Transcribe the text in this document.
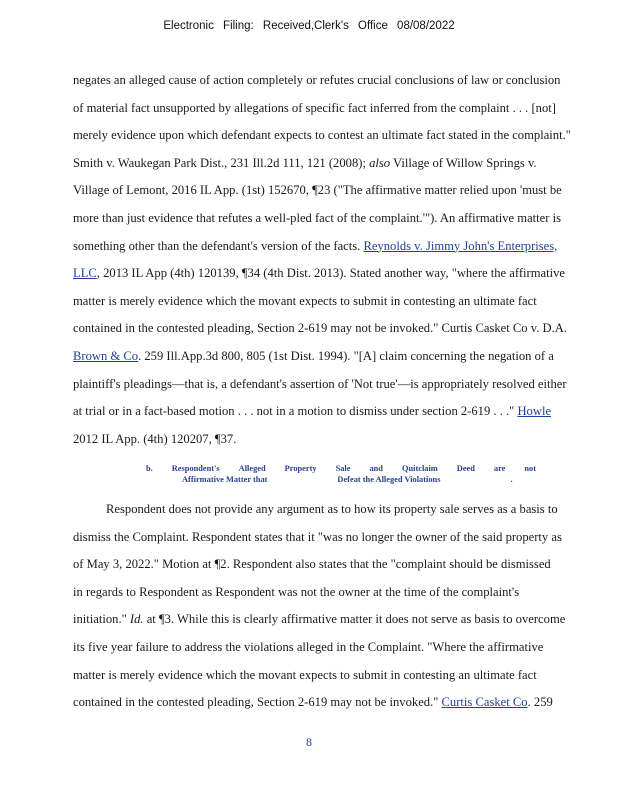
Electronic Filing: Received,Clerk's Office 08/08/2022
negates an alleged cause of action completely or refutes crucial conclusions of law or conclusion
of material fact unsupported by allegations of specific fact inferred from the complaint . . . [not]
merely evidence upon which defendant expects to contest an ultimate fact stated in the complaint."
Smith v. Waukegan Park Dist., 231 Ill.2d 111, 121 (2008); also Village of Willow Springs v.
Village of Lemont, 2016 IL App. (1st) 152670, ¶23 ("The affirmative matter relied upon 'must be
more than just evidence that refutes a well-pled fact of the complaint.'"). An affirmative matter is
something other than the defendant's version of the facts. Reynolds v. Jimmy John's Enterprises,
LLC, 2013 IL App (4th) 120139, ¶34 (4th Dist. 2013). Stated another way, "where the affirmative
matter is merely evidence which the movant expects to submit in contesting an ultimate fact
contained in the contested pleading, Section 2-619 may not be invoked." Curtis Casket Co v. D.A.
Brown & Co. 259 Ill.App.3d 800, 805 (1st Dist. 1994). "[A] claim concerning the negation of a
plaintiff's pleadings—that is, a defendant's assertion of 'Not true'—is appropriately resolved either
at trial or in a fact-based motion . . . not in a motion to dismiss under section 2-619 . . ." Howle
2012 IL App. (4th) 120207, ¶37.
b. Respondent's Alleged Property Sale and Quitclaim Deed are not
Affirmative Matter that	Defeat the Alleged Violations	.
Respondent does not provide any argument as to how its property sale serves as a basis to
dismiss the Complaint. Respondent states that it "was no longer the owner of the said property as
of May 3, 2022." Motion at ¶2. Respondent also states that the "complaint should be dismissed
in regards to Respondent as Respondent was not the owner at the time of the complaint's
initiation." Id. at ¶3. While this is clearly affirmative matter it does not serve as basis to overcome
its five year failure to address the violations alleged in the Complaint. "Where the affirmative
matter is merely evidence which the movant expects to submit in contesting an ultimate fact
contained in the contested pleading, Section 2-619 may not be invoked." Curtis Casket Co. 259
8
